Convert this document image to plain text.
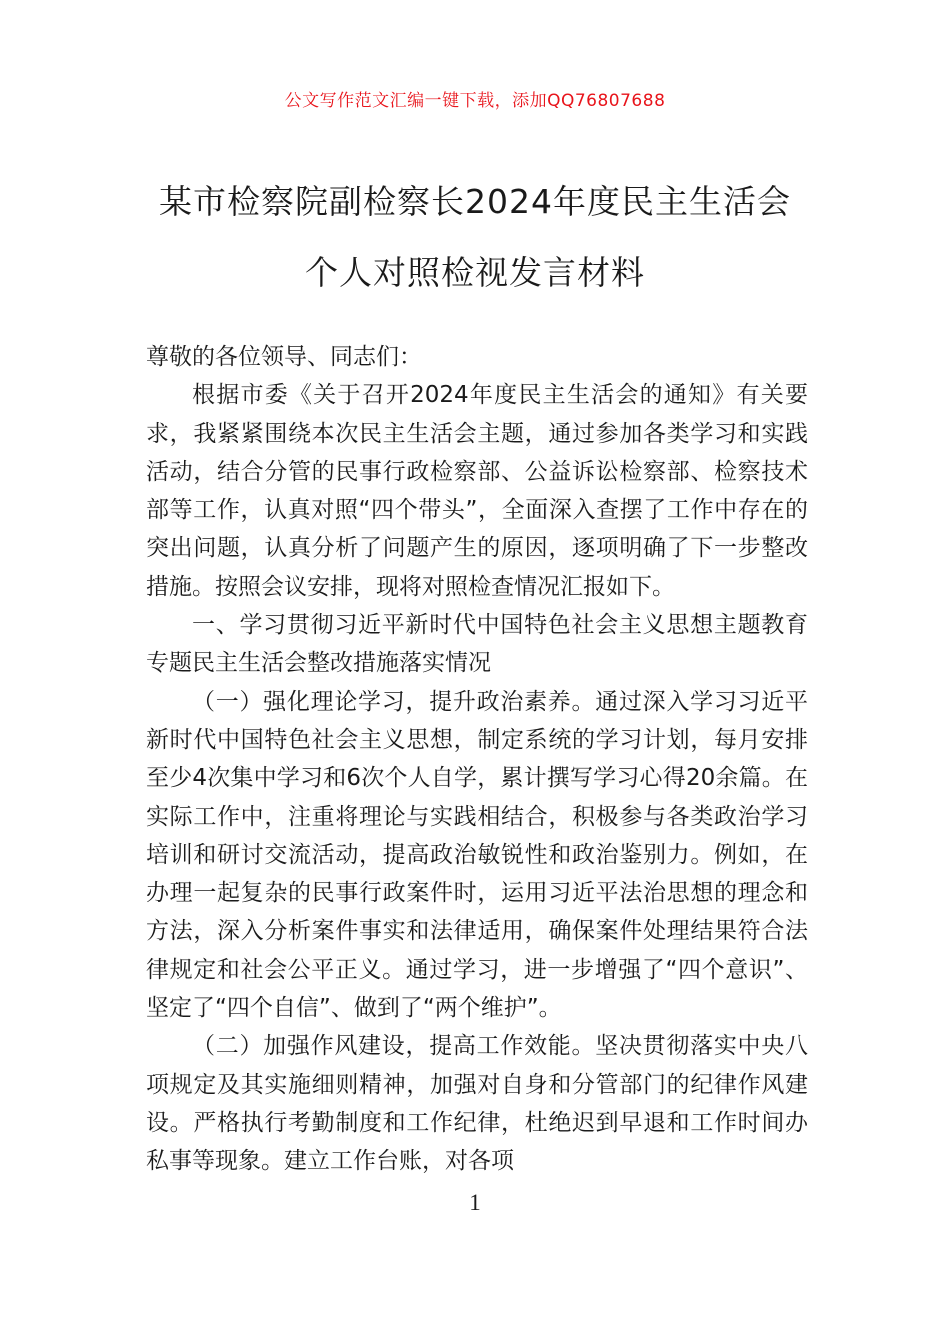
公文写作范文汇编一键下载，添加QQ76807688
某市检察院副检察长2024年度民主生活会
个人对照检视发言材料

尊敬的各位领导、同志们：

根据市委《关于召开2024年度民主生活会的通知》有关要求，我紧紧围绕本次民主生活会主题，通过参加各类学习和实践活动，结合分管的民事行政检察部、公益诉讼检察部、检察技术部等工作，认真对照“四个带头”，全面深入查摆了工作中存在的突出问题，认真分析了问题产生的原因，逐项明确了下一步整改措施。按照会议安排，现将对照检查情况汇报如下。

一、学习贯彻习近平新时代中国特色社会主义思想主题教育专题民主生活会整改措施落实情况

（一）强化理论学习，提升政治素养。通过深入学习习近平新时代中国特色社会主义思想，制定系统的学习计划，每月安排至少4次集中学习和6次个人自学，累计撰写学习心得20余篇。在实际工作中，注重将理论与实践相结合，积极参与各类政治学习培训和研讨交流活动，提高政治敏锐性和政治鉴别力。例如，在办理一起复杂的民事行政案件时，运用习近平法治思想的理念和方法，深入分析案件事实和法律适用，确保案件处理结果符合法律规定和社会公平正义。通过学习，进一步增强了“四个意识”、坚定了“四个自信”、做到了“两个维护”。

（二）加强作风建设，提高工作效能。坚决贯彻落实中央八项规定及其实施细则精神，加强对自身和分管部门的纪律作风建设。严格执行考勤制度和工作纪律，杜绝迟到早退和工作时间办私事等现象。建立工作台账，对各项

1
